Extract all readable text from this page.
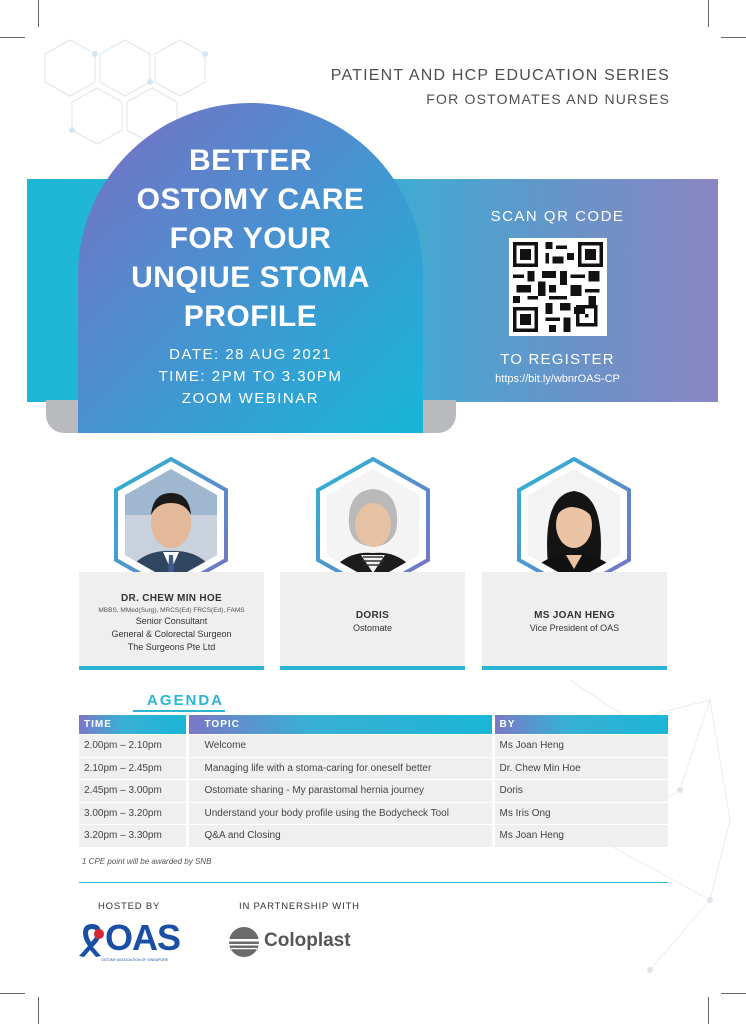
PATIENT AND HCP EDUCATION SERIES
FOR OSTOMATES AND NURSES
BETTER
OSTOMY CARE
FOR YOUR
UNQIUE STOMA
PROFILE
DATE: 28 AUG 2021
TIME: 2PM TO 3.30PM
ZOOM WEBINAR
SCAN QR CODE
TO REGISTER
https://bit.ly/wbnrOAS-CP
DR. CHEW MIN HOE
MBBS, MMed(Surg), MRCS(Ed) FRCS(Ed), FAMS
Senior Consultant
General & Colorectal Surgeon
The Surgeons Pte Ltd
DORIS
Ostomate
MS JOAN HENG
Vice President of OAS
AGENDA
TIME	TOPIC	BY
2.00pm – 2.10pm	Welcome	Ms Joan Heng
2.10pm – 2.45pm	Managing life with a stoma-caring for oneself better	Dr. Chew Min Hoe
2.45pm – 3.00pm	Ostomate sharing - My parastomal hernia journey	Doris
3.00pm – 3.20pm	Understand your body profile using the Bodycheck Tool	Ms Iris Ong
3.20pm – 3.30pm	Q&A and Closing	Ms Joan Heng
1 CPE point will be awarded by SNB
HOSTED BY	IN PARTNERSHIP WITH
OAS
OSTOMY ASSOCIATION OF SINGAPORE
Coloplast
